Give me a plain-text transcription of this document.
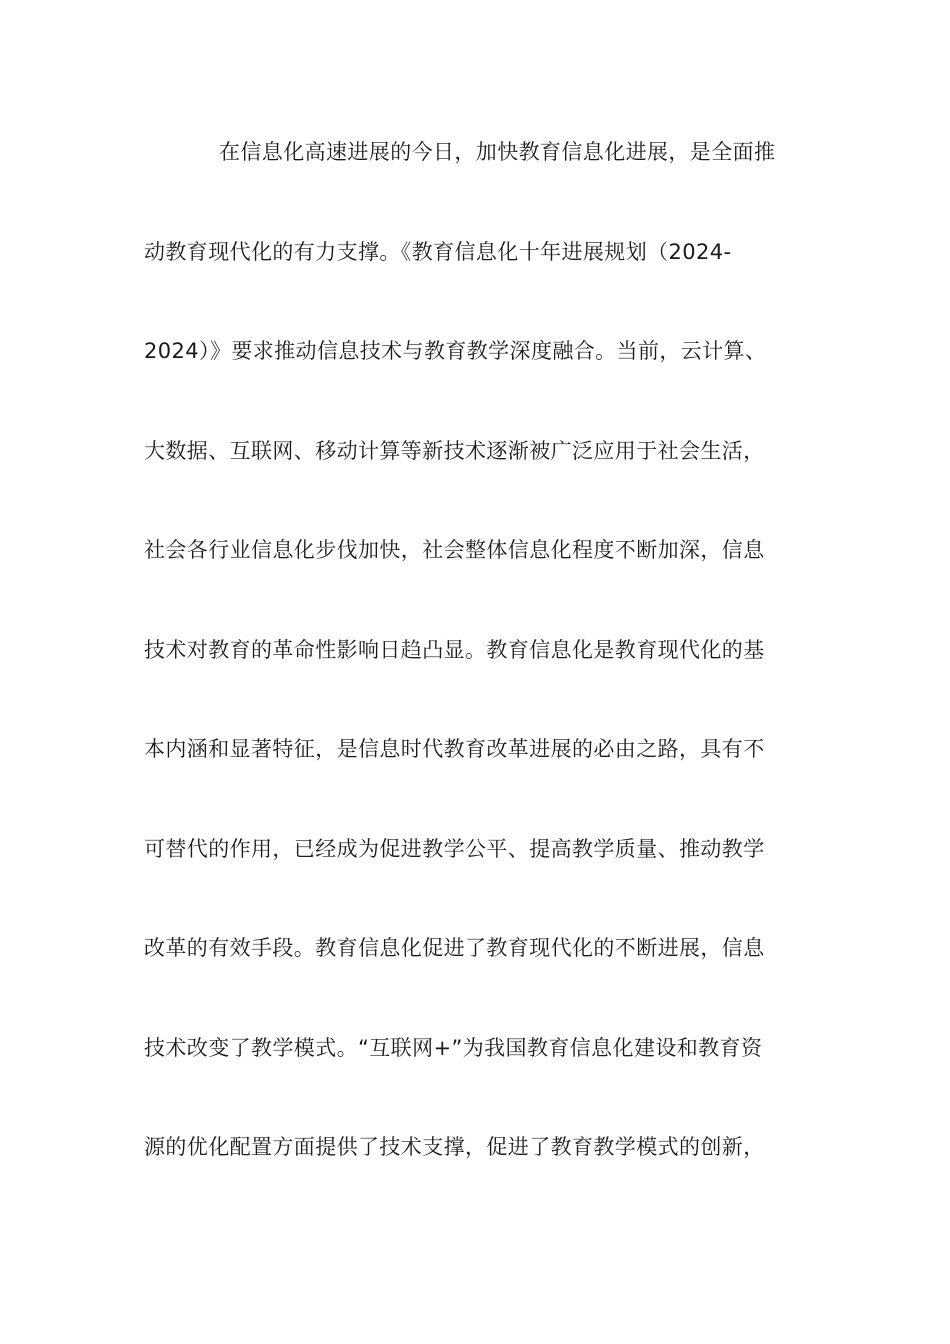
在信息化高速进展的今日，加快教育信息化进展，是全面推
动教育现代化的有力支撑。《教育信息化十年进展规划（2024-
2024）》要求推动信息技术与教育教学深度融合。当前，云计算、
大数据、互联网、移动计算等新技术逐渐被广泛应用于社会生活，
社会各行业信息化步伐加快，社会整体信息化程度不断加深，信息
技术对教育的革命性影响日趋凸显。教育信息化是教育现代化的基
本内涵和显著特征，是信息时代教育改革进展的必由之路，具有不
可替代的作用，已经成为促进教学公平、提高教学质量、推动教学
改革的有效手段。教育信息化促进了教育现代化的不断进展，信息
技术改变了教学模式。“互联网+”为我国教育信息化建设和教育资
源的优化配置方面提供了技术支撑，促进了教育教学模式的创新，
